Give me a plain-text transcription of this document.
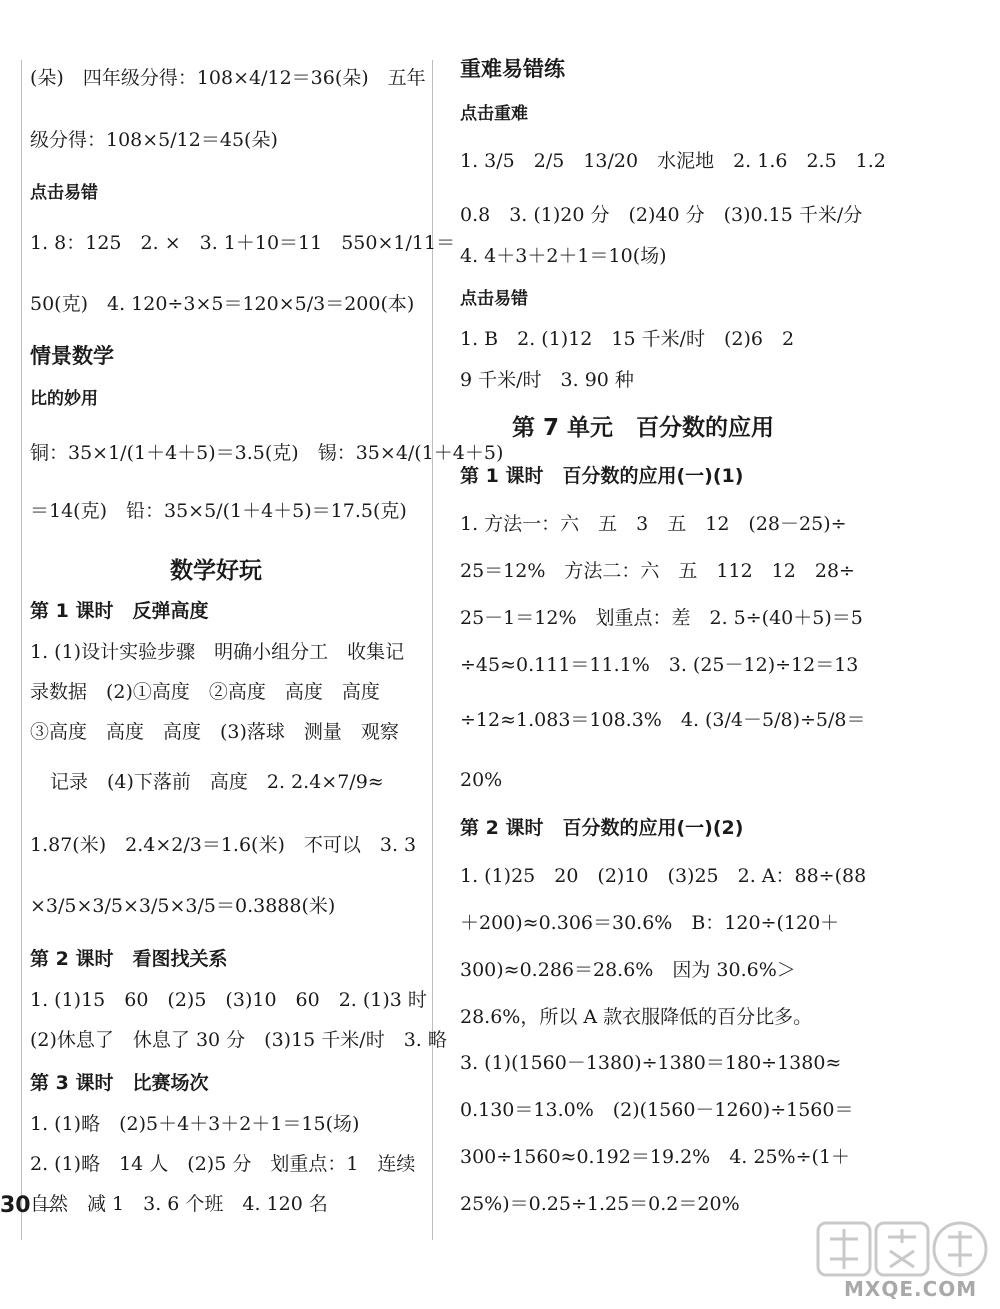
(朵)　四年级分得：108×4/12＝36(朵)　五年
级分得：108×5/12＝45(朵)
点击易错
1. 8：125　2. ×　3. 1＋10＝11　550×1/11＝
50(克)　4. 120÷3×5＝120×5/3＝200(本)
情景数学
比的妙用
铜：35×1/(1＋4＋5)＝3.5(克)　锡：35×4/(1＋4＋5)
＝14(克)　铅：35×5/(1＋4＋5)＝17.5(克)
数学好玩
第 1 课时　反弹高度
1. (1)设计实验步骤　明确小组分工　收集记
录数据　(2)①高度　②高度　高度　高度
③高度　高度　高度　(3)落球　测量　观察
记录　(4)下落前　高度　2. 2.4×7/9≈
1.87(米)　2.4×2/3＝1.6(米)　不可以　3. 3
×3/5×3/5×3/5×3/5＝0.3888(米)
第 2 课时　看图找关系
1. (1)15　60　(2)5　(3)10　60　2. (1)3 时
(2)休息了　休息了 30 分　(3)15 千米/时　3. 略
第 3 课时　比赛场次
1. (1)略　(2)5＋4＋3＋2＋1＝15(场)
2. (1)略　14 人　(2)5 分　划重点：1　连续
自然　减 1　3. 6 个班　4. 120 名
重难易错练
点击重难
1. 3/5　2/5　13/20　水泥地　2. 1.6　2.5　1.2
0.8　3. (1)20 分　(2)40 分　(3)0.15 千米/分
4. 4＋3＋2＋1＝10(场)
点击易错
1. B　2. (1)12　15 千米/时　(2)6　2
9 千米/时　3. 90 种
第 7 单元　百分数的应用
第 1 课时　百分数的应用(一)(1)
1. 方法一：六　五　3　五　12　(28－25)÷
25＝12%　方法二：六　五　112　12　28÷
25－1＝12%　划重点：差　2. 5÷(40＋5)＝5
÷45≈0.111＝11.1%　3. (25－12)÷12＝13
÷12≈1.083＝108.3%　4. (3/4－5/8)÷5/8＝
20%
第 2 课时　百分数的应用(一)(2)
1. (1)25　20　(2)10　(3)25　2. A：88÷(88
＋200)≈0.306＝30.6%　B：120÷(120＋
300)≈0.286＝28.6%　因为 30.6%＞
28.6%，所以 A 款衣服降低的百分比多。
3. (1)(1560－1380)÷1380＝180÷1380≈
0.130＝13.0%　(2)(1560－1260)÷1560＝
300÷1560≈0.192＝19.2%　4. 25%÷(1＋
25%)＝0.25÷1.25＝0.2＝20%
30
MXQE.COM
